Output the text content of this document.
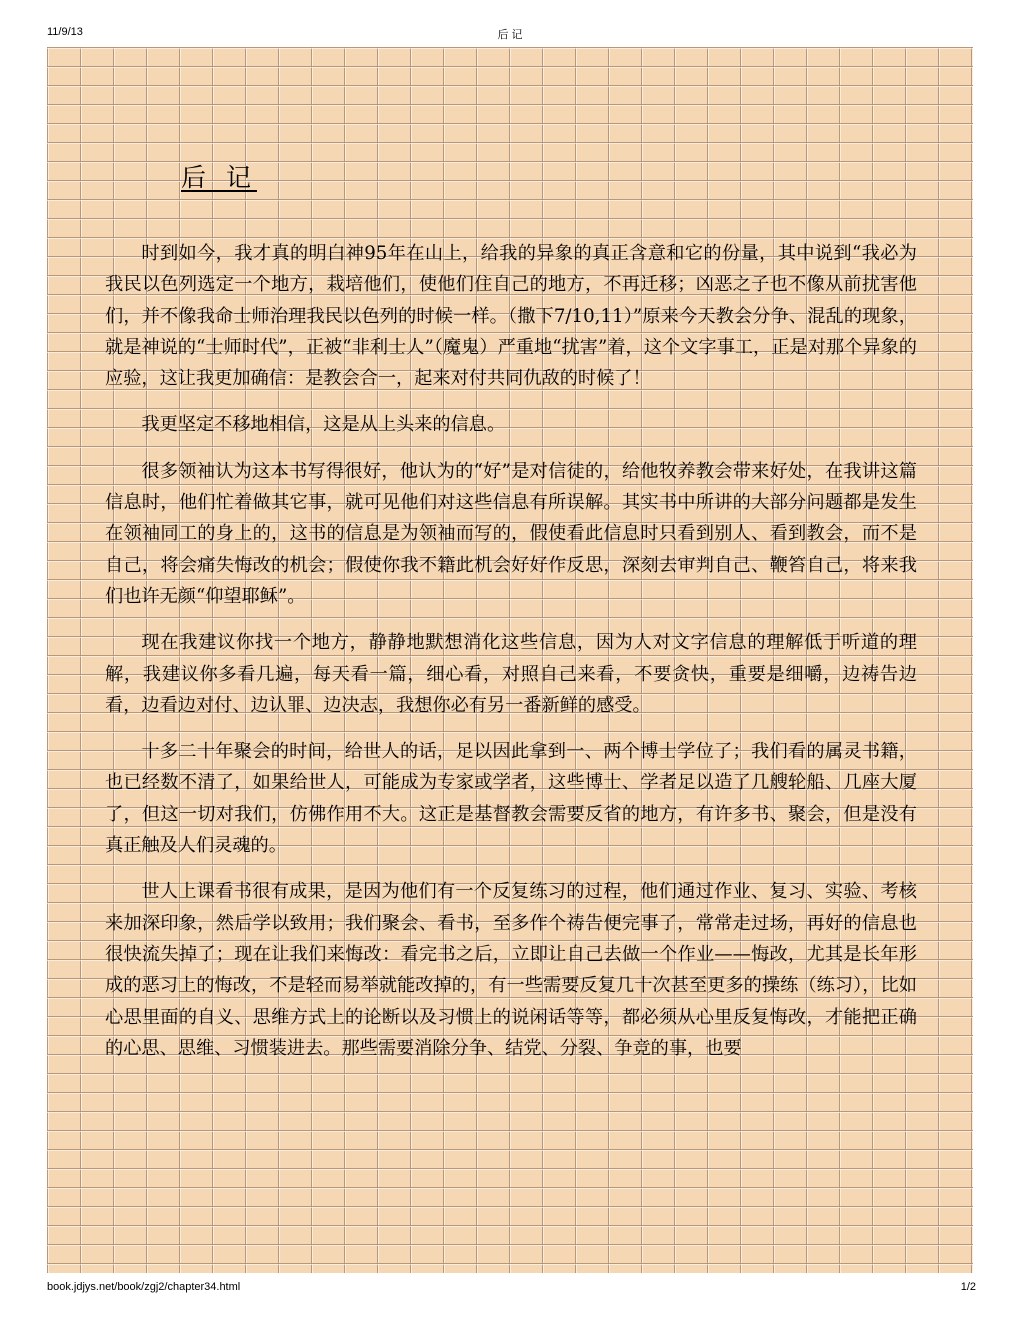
11/9/13	后 记
后 记

时到如今，我才真的明白神95年在山上，给我的异象的真正含意和它的份量，其中说到“我必为我民以色列选定一个地方，栽培他们，使他们住自己的地方，不再迁移；凶恶之子也不像从前扰害他们，并不像我命士师治理我民以色列的时候一样。（撒下7/10,11）”原来今天教会分争、混乱的现象，就是神说的“士师时代”，正被“非利士人”（魔鬼）严重地“扰害”着，这个文字事工，正是对那个异象的应验，这让我更加确信：是教会合一，起来对付共同仇敌的时候了！

我更坚定不移地相信，这是从上头来的信息。

很多领袖认为这本书写得很好，他认为的“好”是对信徒的，给他牧养教会带来好处，在我讲这篇信息时，他们忙着做其它事，就可见他们对这些信息有所误解。其实书中所讲的大部分问题都是发生在领袖同工的身上的，这书的信息是为领袖而写的，假使看此信息时只看到别人、看到教会，而不是自己，将会痛失悔改的机会；假使你我不籍此机会好好作反思，深刻去审判自己、鞭笞自己，将来我们也许无颜“仰望耶稣”。

现在我建议你找一个地方，静静地默想消化这些信息，因为人对文字信息的理解低于听道的理解，我建议你多看几遍，每天看一篇，细心看，对照自己来看，不要贪快，重要是细嚼，边祷告边看，边看边对付、边认罪、边决志，我想你必有另一番新鲜的感受。

十多二十年聚会的时间，给世人的话，足以因此拿到一、两个博士学位了；我们看的属灵书籍，也已经数不清了，如果给世人，可能成为专家或学者，这些博士、学者足以造了几艘轮船、几座大厦了，但这一切对我们，仿佛作用不大。这正是基督教会需要反省的地方，有许多书、聚会，但是没有真正触及人们灵魂的。

世人上课看书很有成果，是因为他们有一个反复练习的过程，他们通过作业、复习、实验、考核来加深印象，然后学以致用；我们聚会、看书，至多作个祷告便完事了，常常走过场，再好的信息也很快流失掉了；现在让我们来悔改：看完书之后，立即让自己去做一个作业——悔改，尤其是长年形成的恶习上的悔改，不是轻而易举就能改掉的，有一些需要反复几十次甚至更多的操练（练习），比如心思里面的自义、思维方式上的论断以及习惯上的说闲话等等，都必须从心里反复悔改，才能把正确的心思、思维、习惯装进去。那些需要消除分争、结党、分裂、争竞的事，也要

book.jdjys.net/book/zgj2/chapter34.html	1/2
